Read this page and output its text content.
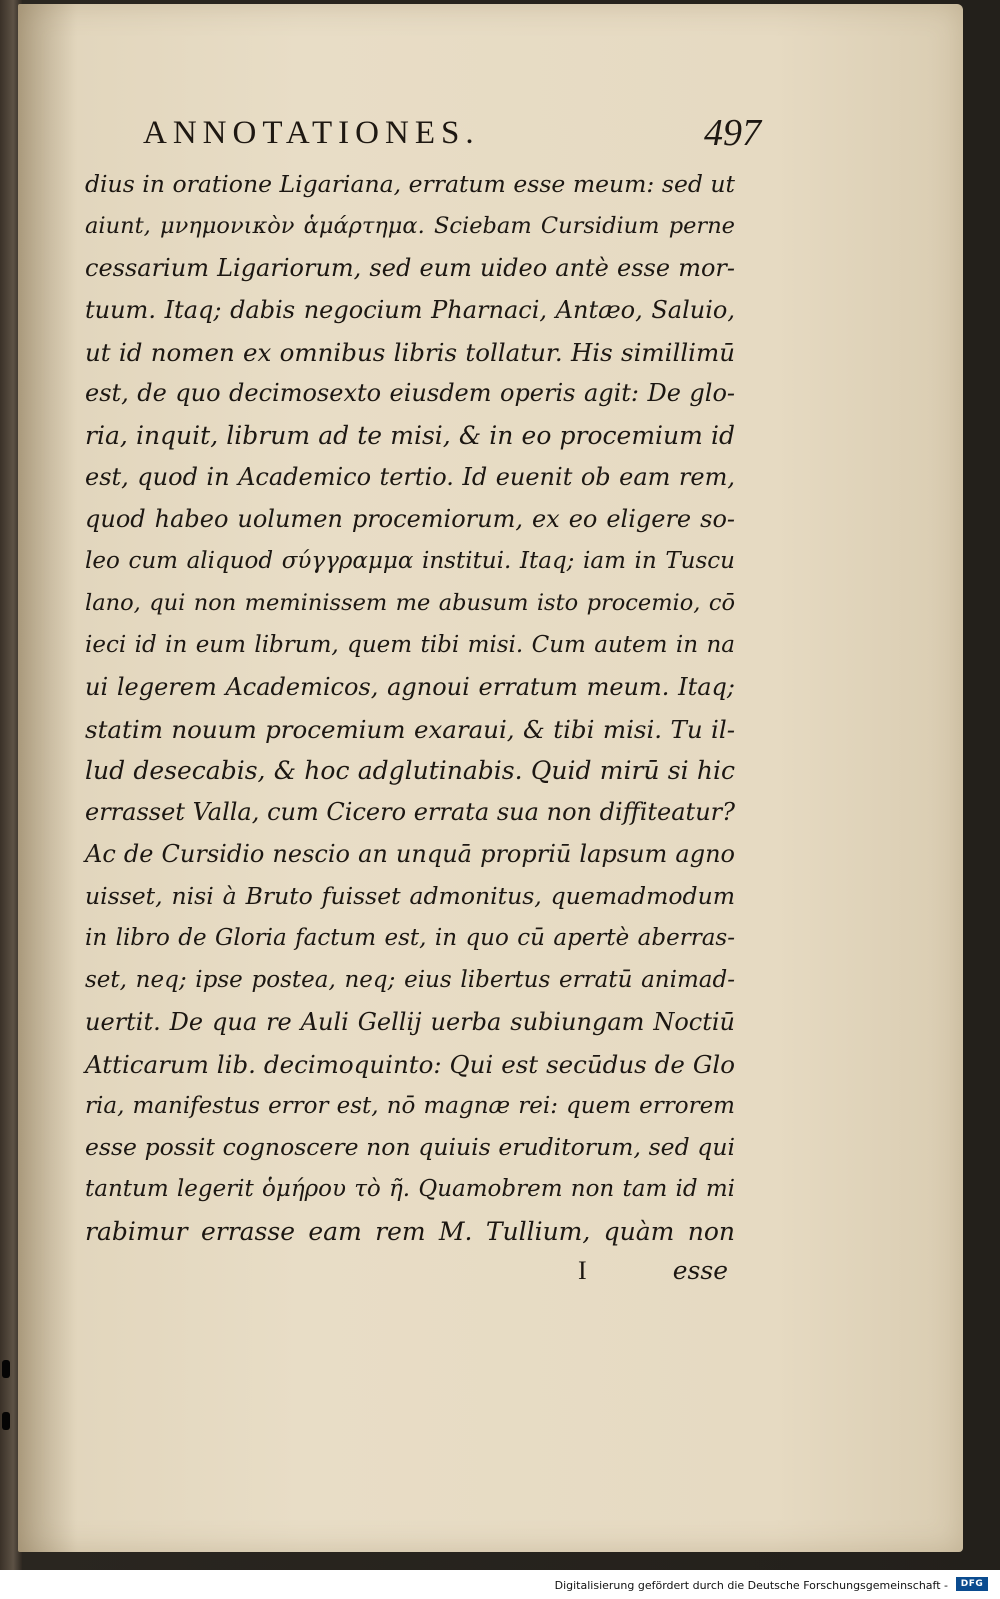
ANNOTATIONES.	497
dius in oratione Ligariana, erratum esse meum: sed ut
aiunt, μνημονικὸν ἁμάρτημα. Sciebam Cursidium perne
cessarium Ligariorum, sed eum uideo antè esse mor-
tuum. Itaq; dabis negocium Pharnaci, Antæo, Saluio,
ut id nomen ex omnibus libris tollatur. His simillimū
est, de quo decimosexto eiusdem operis agit: De glo-
ria, inquit, librum ad te misi, & in eo procemium id
est, quod in Academico tertio. Id euenit ob eam rem,
quod habeo uolumen procemiorum, ex eo eligere so-
leo cum aliquod σύγγραμμα institui. Itaq; iam in Tuscu
lano, qui non meminissem me abusum isto procemio, cō
ieci id in eum librum, quem tibi misi. Cum autem in na
ui legerem Academicos, agnoui erratum meum. Itaq;
statim nouum procemium exaraui, & tibi misi. Tu il-
lud desecabis, & hoc adglutinabis. Quid mirū si hic
errasset Valla, cum Cicero errata sua non diffiteatur?
Ac de Cursidio nescio an unquā propriū lapsum agno
uisset, nisi à Bruto fuisset admonitus, quemadmodum
in libro de Gloria factum est, in quo cū apertè aberras-
set, neq; ipse postea, neq; eius libertus erratū animad-
uertit. De qua re Auli Gellij uerba subiungam Noctiū
Atticarum lib. decimoquinto: Qui est secūdus de Glo
ria, manifestus error est, nō magnæ rei: quem errorem
esse possit cognoscere non quiuis eruditorum, sed qui
tantum legerit ὁμήρου τὸ ῆ. Quamobrem non tam id mi
rabimur errasse eam rem M. Tullium, quàm non
I	esse
Digitalisierung gefördert durch die Deutsche Forschungsgemeinschaft -	DFG
